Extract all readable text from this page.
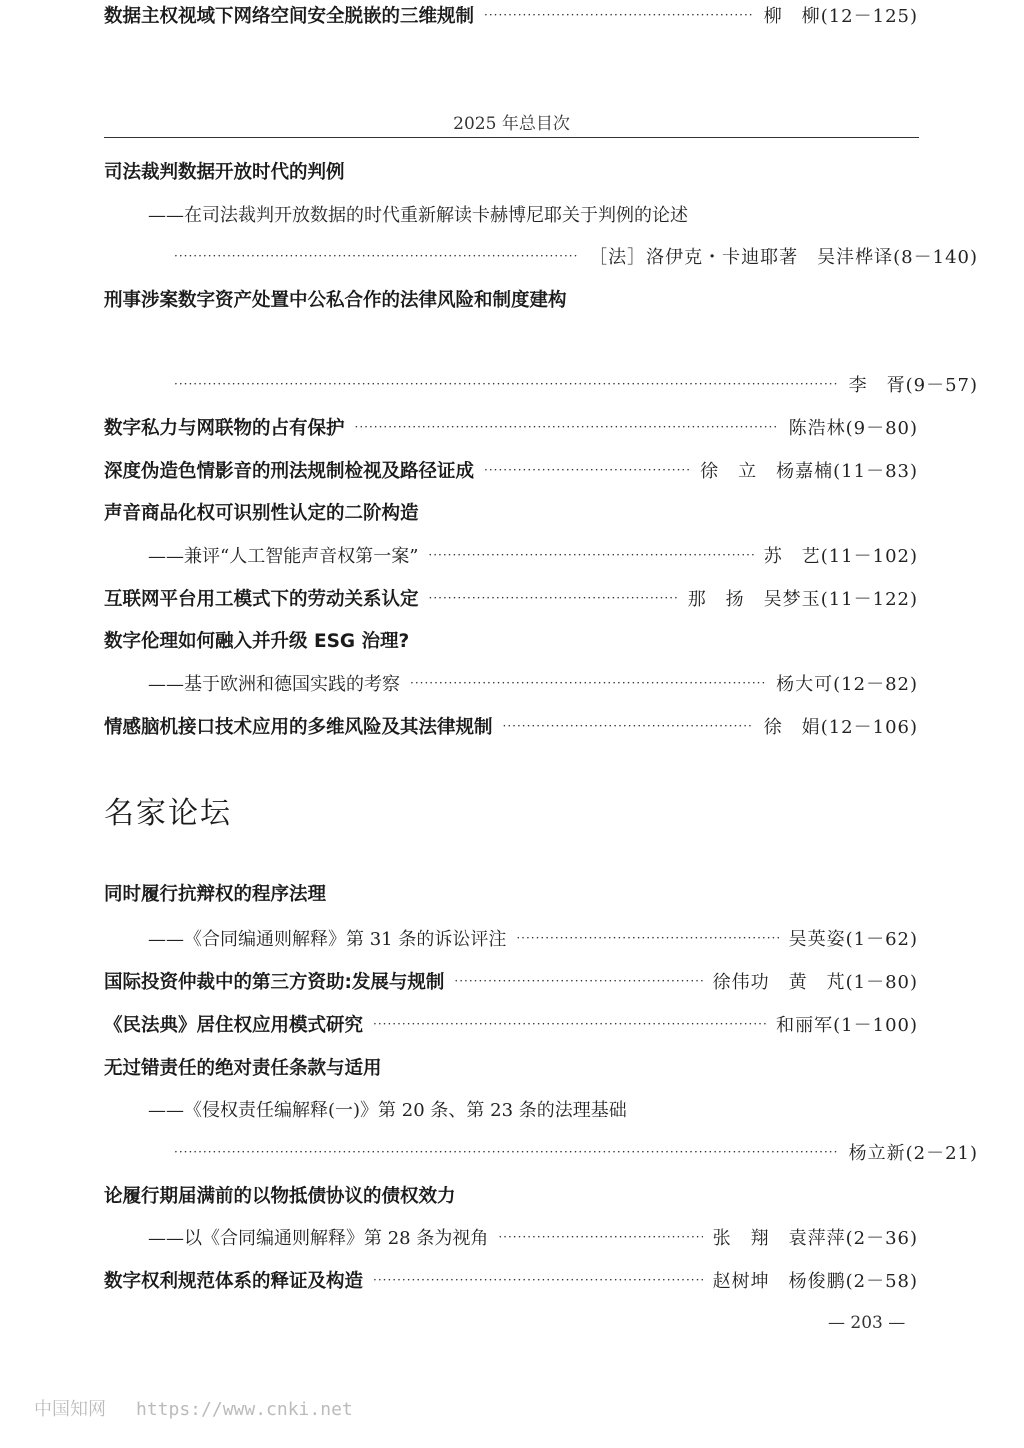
2025 年总目次
司法裁判数据开放时代的判例
——在司法裁判开放数据的时代重新解读卡赫博尼耶关于判例的论述
·····
［法］洛伊克・卡迪耶著　吴沣桦译 (8－140)
刑事涉案数字资产处置中公私合作的法律风险和制度建构
·····
李　胥 (9－57)
数字私力与网联物的占有保护 ·····	陈浩林 (9－80)
深度伪造色情影音的刑法规制检视及路径证成 ·····	徐　立　杨嘉楠 (11－83)
声音商品化权可识别性认定的二阶构造
——兼评“人工智能声音权第一案” ·····	苏　艺 (11－102)
互联网平台用工模式下的劳动关系认定 ·····	那　扬　吴梦玉 (11－122)
数字伦理如何融入并升级 ESG 治理?
——基于欧洲和德国实践的考察 ·····	杨大可 (12－82)
情感脑机接口技术应用的多维风险及其法律规制 ·····	徐　娟 (12－106)
数据主权视域下网络空间安全脱嵌的三维规制 ·····	柳　柳 (12－125)
名家论坛
同时履行抗辩权的程序法理
——《合同编通则解释》第 31 条的诉讼评注 ·····	吴英姿 (1－62)
国际投资仲裁中的第三方资助:发展与规制 ·····	徐伟功　黄　芃 (1－80)
《民法典》居住权应用模式研究 ·····	和丽军 (1－100)
无过错责任的绝对责任条款与适用
——《侵权责任编解释(一)》第 20 条、第 23 条的法理基础
·····
杨立新 (2－21)
论履行期届满前的以物抵债协议的债权效力
——以《合同编通则解释》第 28 条为视角 ·····	张　翔　袁萍萍 (2－36)
数字权利规范体系的释证及构造 ·····	赵树坤　杨俊鹏 (2－58)
— 203 —
中国知网 https://www.cnki.net
